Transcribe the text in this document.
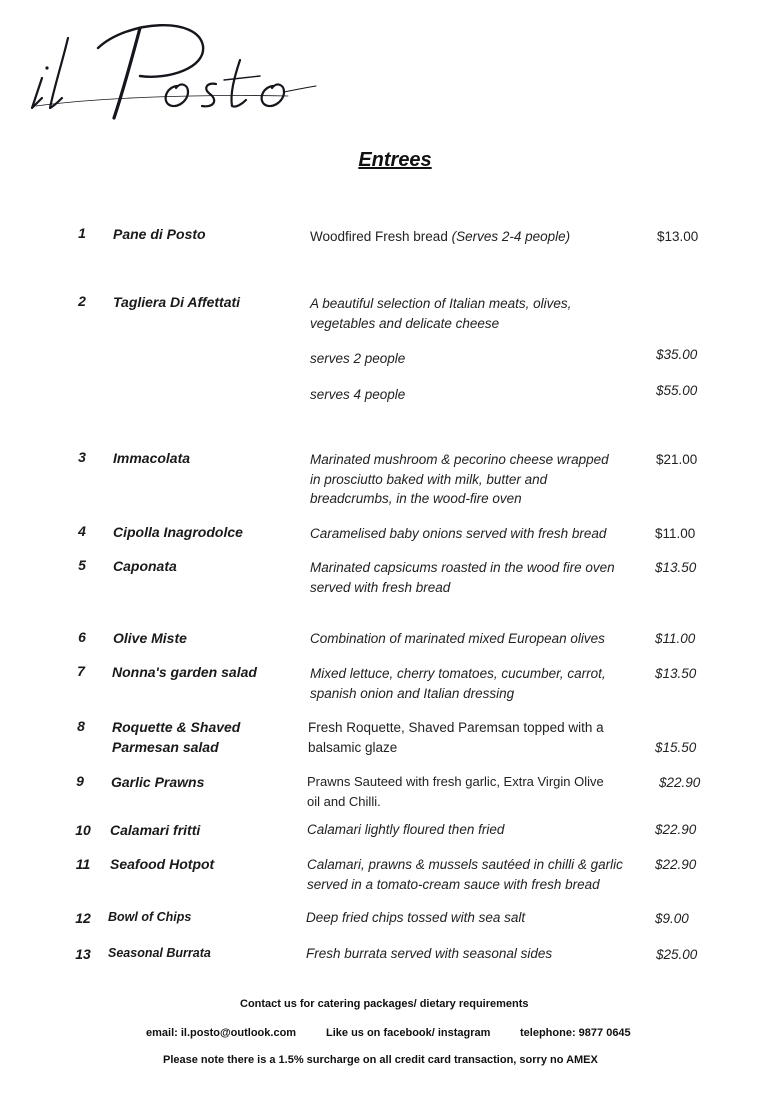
Entrees
1	Pane di Posto	Woodfired Fresh bread (Serves 2-4 people)	$13.00
2	Tagliera Di Affettati	A beautiful selection of Italian meats, olives,
vegetables and delicate cheese
serves 2 people	$35.00
serves 4 people	$55.00
3	Immacolata	Marinated mushroom & pecorino cheese wrapped
in prosciutto baked with milk, butter and
breadcrumbs, in the wood-fire oven
$21.00
4	Cipolla Inagrodolce	Caramelised baby onions served with fresh bread	$11.00
5	Caponata	Marinated capsicums roasted in the wood fire oven
served with fresh bread
$13.50
6	Olive Miste	Combination of marinated mixed European olives	$11.00
7	Nonna's garden salad	Mixed lettuce, cherry tomatoes, cucumber, carrot,
spanish onion and Italian dressing
$13.50
8	Roquette & Shaved
Parmesan salad
Fresh Roquette, Shaved Paremsan topped with a
balsamic glaze	$15.50
9	Garlic Prawns	Prawns Sauteed with fresh garlic, Extra Virgin Olive
oil and Chilli.
$22.90
10 Calamari fritti	Calamari lightly floured then fried	$22.90
11 Seafood Hotpot	Calamari, prawns & mussels sautéed in chilli & garlic
served in a tomato-cream sauce with fresh bread
$22.90
12 Bowl of Chips	Deep fried chips tossed with sea salt	$9.00
13 Seasonal Burrata	Fresh burrata served with seasonal sides	$25.00
Contact us for catering packages/ dietary requirements
email: il.posto@outlook.com	Like us on facebook/ instagram	telephone: 9877 0645
Please note there is a 1.5% surcharge on all credit card transaction, sorry no AMEX
